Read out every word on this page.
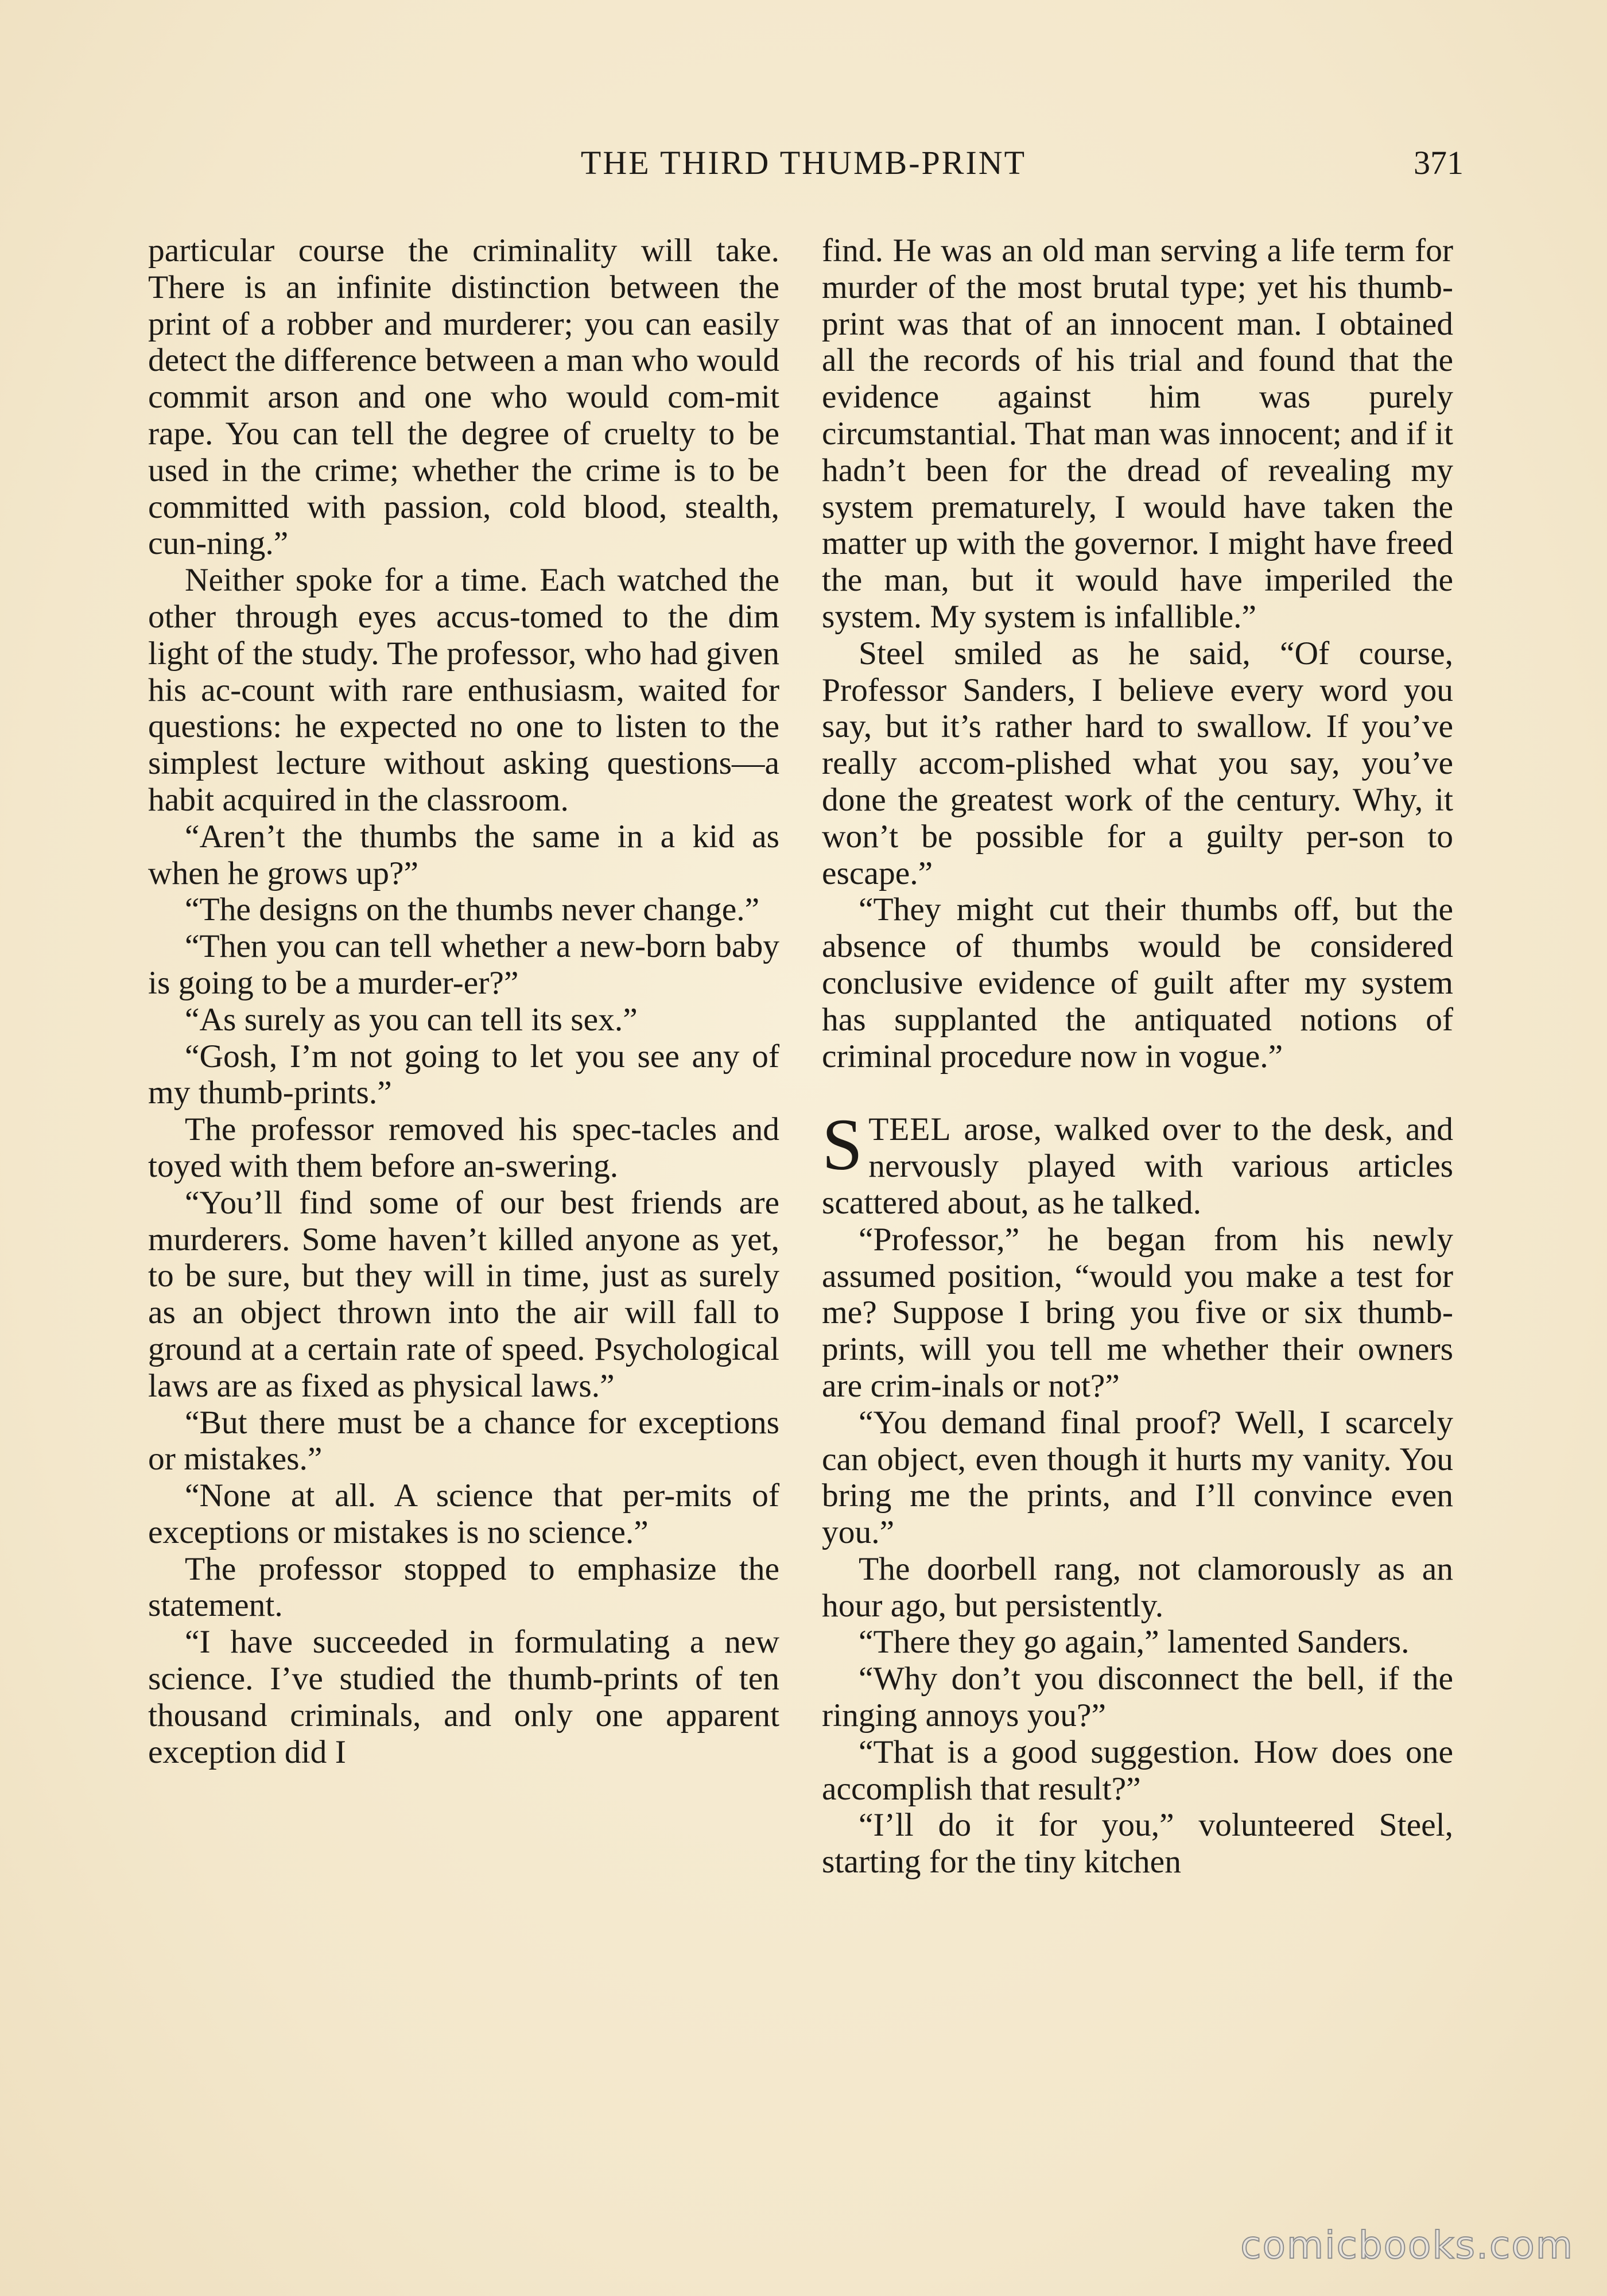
THE THIRD THUMB-PRINT	371

particular course the criminality will take. There is an infinite distinction between the print of a robber and murderer; you can easily detect the difference between a man who would commit arson and one who would com-mit rape. You can tell the degree of cruelty to be used in the crime; whether the crime is to be committed with passion, cold blood, stealth, cun-ning.”

Neither spoke for a time. Each watched the other through eyes accus-tomed to the dim light of the study. The professor, who had given his ac-count with rare enthusiasm, waited for questions: he expected no one to listen to the simplest lecture without asking questions—a habit acquired in the classroom.

“Aren’t the thumbs the same in a kid as when he grows up?”

“The designs on the thumbs never change.”

“Then you can tell whether a new-born baby is going to be a murder-er?”

“As surely as you can tell its sex.”

“Gosh, I’m not going to let you see any of my thumb-prints.”

The professor removed his spec-tacles and toyed with them before an-swering.

“You’ll find some of our best friends are murderers. Some haven’t killed anyone as yet, to be sure, but they will in time, just as surely as an object thrown into the air will fall to ground at a certain rate of speed. Psychological laws are as fixed as physical laws.”

“But there must be a chance for exceptions or mistakes.”

“None at all. A science that per-mits of exceptions or mistakes is no science.”

The professor stopped to emphasize the statement.

“I have succeeded in formulating a new science. I’ve studied the thumb-prints of ten thousand criminals, and only one apparent exception did I

find. He was an old man serving a life term for murder of the most brutal type; yet his thumb-print was that of an innocent man. I obtained all the records of his trial and found that the evidence against him was purely circumstantial. That man was innocent; and if it hadn’t been for the dread of revealing my system prematurely, I would have taken the matter up with the governor. I might have freed the man, but it would have imperiled the system. My system is infallible.”

Steel smiled as he said, “Of course, Professor Sanders, I believe every word you say, but it’s rather hard to swallow. If you’ve really accom-plished what you say, you’ve done the greatest work of the century. Why, it won’t be possible for a guilty per-son to escape.”

“They might cut their thumbs off, but the absence of thumbs would be considered conclusive evidence of guilt after my system has supplanted the antiquated notions of criminal procedure now in vogue.”

STEEL arose, walked over to the desk, and nervously played with various articles scattered about, as he talked.

“Professor,” he began from his newly assumed position, “would you make a test for me? Suppose I bring you five or six thumb-prints, will you tell me whether their owners are crim-inals or not?”

“You demand final proof? Well, I scarcely can object, even though it hurts my vanity. You bring me the prints, and I’ll convince even you.”

The doorbell rang, not clamorously as an hour ago, but persistently.

“There they go again,” lamented Sanders.

“Why don’t you disconnect the bell, if the ringing annoys you?”

“That is a good suggestion. How does one accomplish that result?”

“I’ll do it for you,” volunteered Steel, starting for the tiny kitchen

comicbooks.com
